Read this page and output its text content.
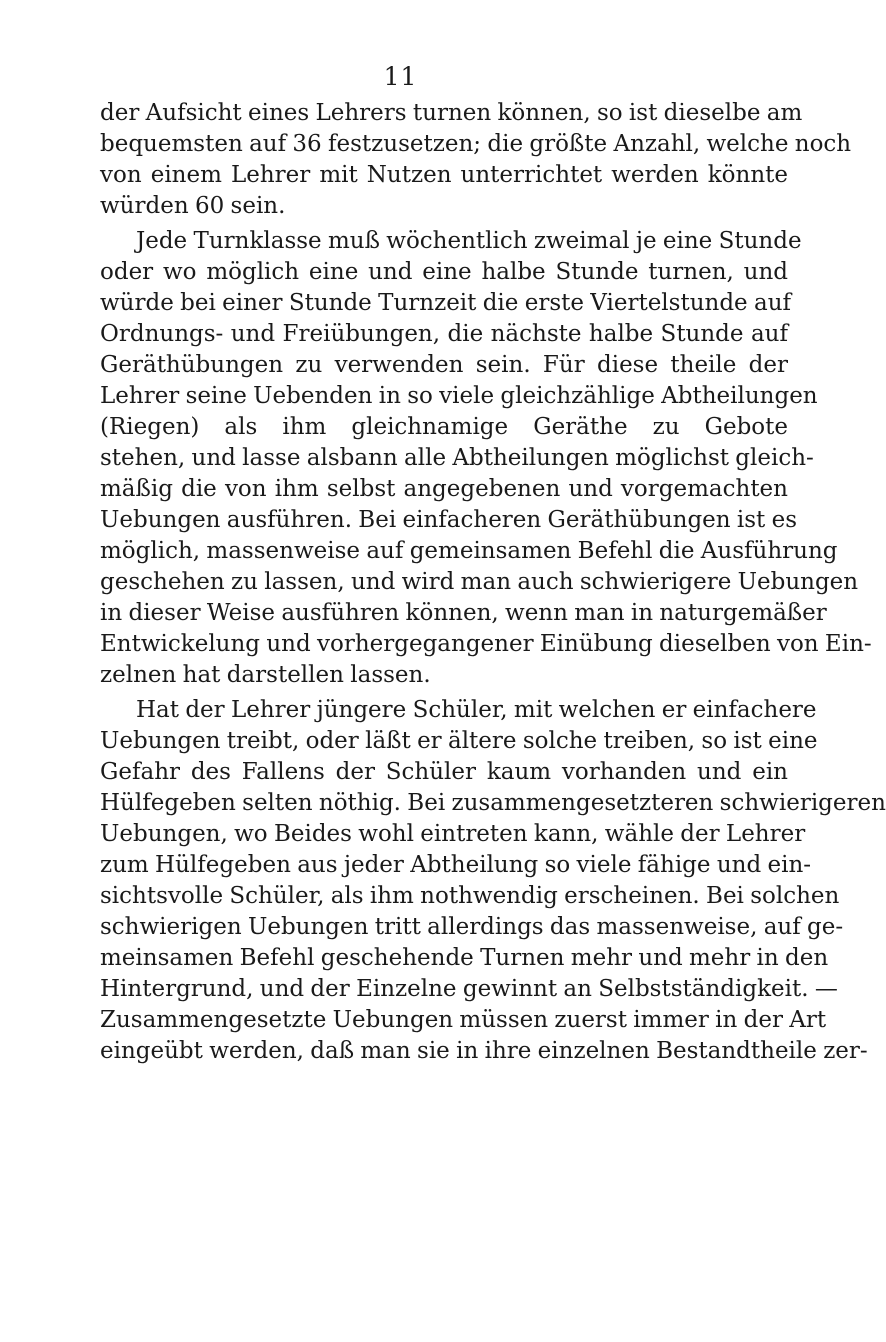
11
der Aufsicht eines Lehrers turnen können, so ist dieselbe am
bequemsten auf 36 festzusetzen; die größte Anzahl, welche noch
von einem Lehrer mit Nutzen unterrichtet werden könnte
würden 60 sein.
Jede Turnklasse muß wöchentlich zweimal je eine Stunde
oder wo möglich eine und eine halbe Stunde turnen, und
würde bei einer Stunde Turnzeit die erste Viertelstunde auf
Ordnungs- und Freiübungen, die nächste halbe Stunde auf
Geräthübungen zu verwenden sein. Für diese theile der
Lehrer seine Uebenden in so viele gleichzählige Abtheilungen
(Riegen) als ihm gleichnamige Geräthe zu Gebote
stehen, und lasse alsbann alle Abtheilungen möglichst gleich-
mäßig die von ihm selbst angegebenen und vorgemachten
Uebungen ausführen. Bei einfacheren Geräthübungen ist es
möglich, massenweise auf gemeinsamen Befehl die Ausführung
geschehen zu lassen, und wird man auch schwierigere Uebungen
in dieser Weise ausführen können, wenn man in naturgemäßer
Entwickelung und vorhergegangener Einübung dieselben von Ein-
zelnen hat darstellen lassen.
Hat der Lehrer jüngere Schüler, mit welchen er einfachere
Uebungen treibt, oder läßt er ältere solche treiben, so ist eine
Gefahr des Fallens der Schüler kaum vorhanden und ein
Hülfegeben selten nöthig. Bei zusammengesetzteren schwierigeren
Uebungen, wo Beides wohl eintreten kann, wähle der Lehrer
zum Hülfegeben aus jeder Abtheilung so viele fähige und ein-
sichtsvolle Schüler, als ihm nothwendig erscheinen. Bei solchen
schwierigen Uebungen tritt allerdings das massenweise, auf ge-
meinsamen Befehl geschehende Turnen mehr und mehr in den
Hintergrund, und der Einzelne gewinnt an Selbstständigkeit. —
Zusammengesetzte Uebungen müssen zuerst immer in der Art
eingeübt werden, daß man sie in ihre einzelnen Bestandtheile zer-
